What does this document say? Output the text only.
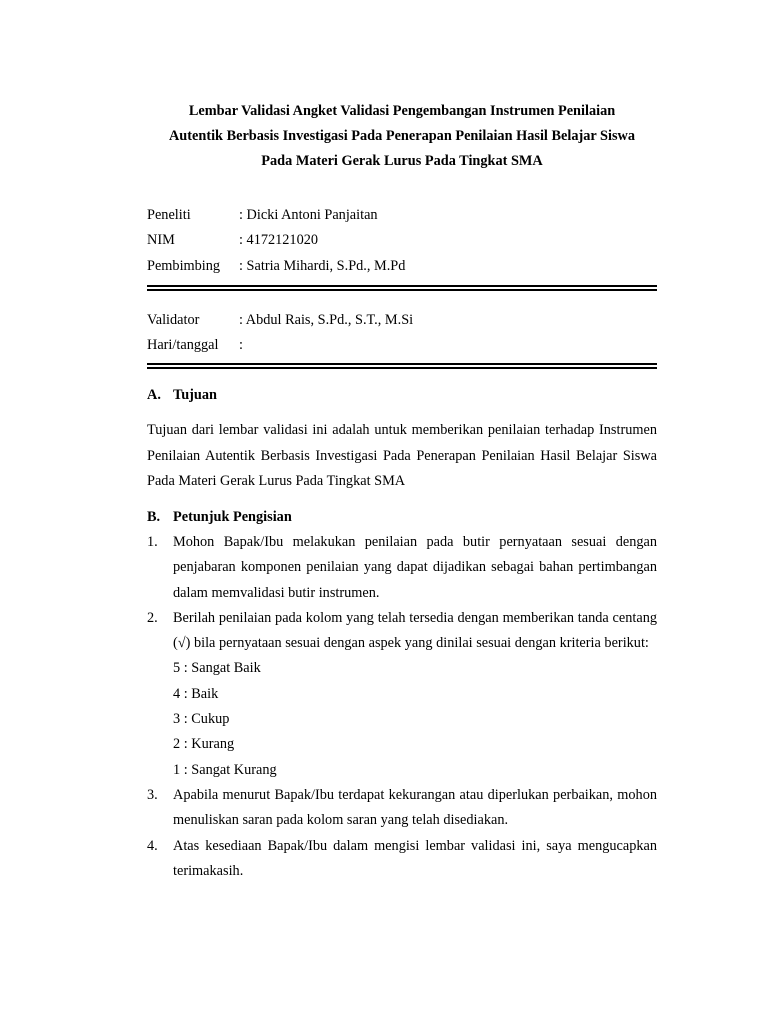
Lembar Validasi Angket Validasi Pengembangan Instrumen Penilaian

Autentik Berbasis Investigasi Pada Penerapan Penilaian Hasil Belajar Siswa

Pada Materi Gerak Lurus Pada Tingkat SMA

Peneliti	: Dicki Antoni Panjaitan
NIM	: 4172121020
Pembimbing	: Satria Mihardi, S.Pd., M.Pd
Validator	: Abdul Rais, S.Pd., S.T., M.Si
Hari/tanggal	:
A. Tujuan

Tujuan dari lembar validasi ini adalah untuk memberikan penilaian terhadap Instrumen Penilaian Autentik Berbasis Investigasi Pada Penerapan Penilaian Hasil Belajar Siswa Pada Materi Gerak Lurus Pada Tingkat SMA

B. Petunjuk Pengisian
1.	Mohon Bapak/Ibu melakukan penilaian pada butir pernyataan sesuai dengan penjabaran komponen penilaian yang dapat dijadikan sebagai bahan pertimbangan dalam memvalidasi butir instrumen.
2.	Berilah penilaian pada kolom yang telah tersedia dengan memberikan tanda centang (√) bila pernyataan sesuai dengan aspek yang dinilai sesuai dengan kriteria berikut:
5 : Sangat Baik
4 : Baik
3 : Cukup
2 : Kurang
1 : Sangat Kurang
3.	Apabila menurut Bapak/Ibu terdapat kekurangan atau diperlukan perbaikan, mohon menuliskan saran pada kolom saran yang telah disediakan.
4.	Atas kesediaan Bapak/Ibu dalam mengisi lembar validasi ini, saya mengucapkan terimakasih.
